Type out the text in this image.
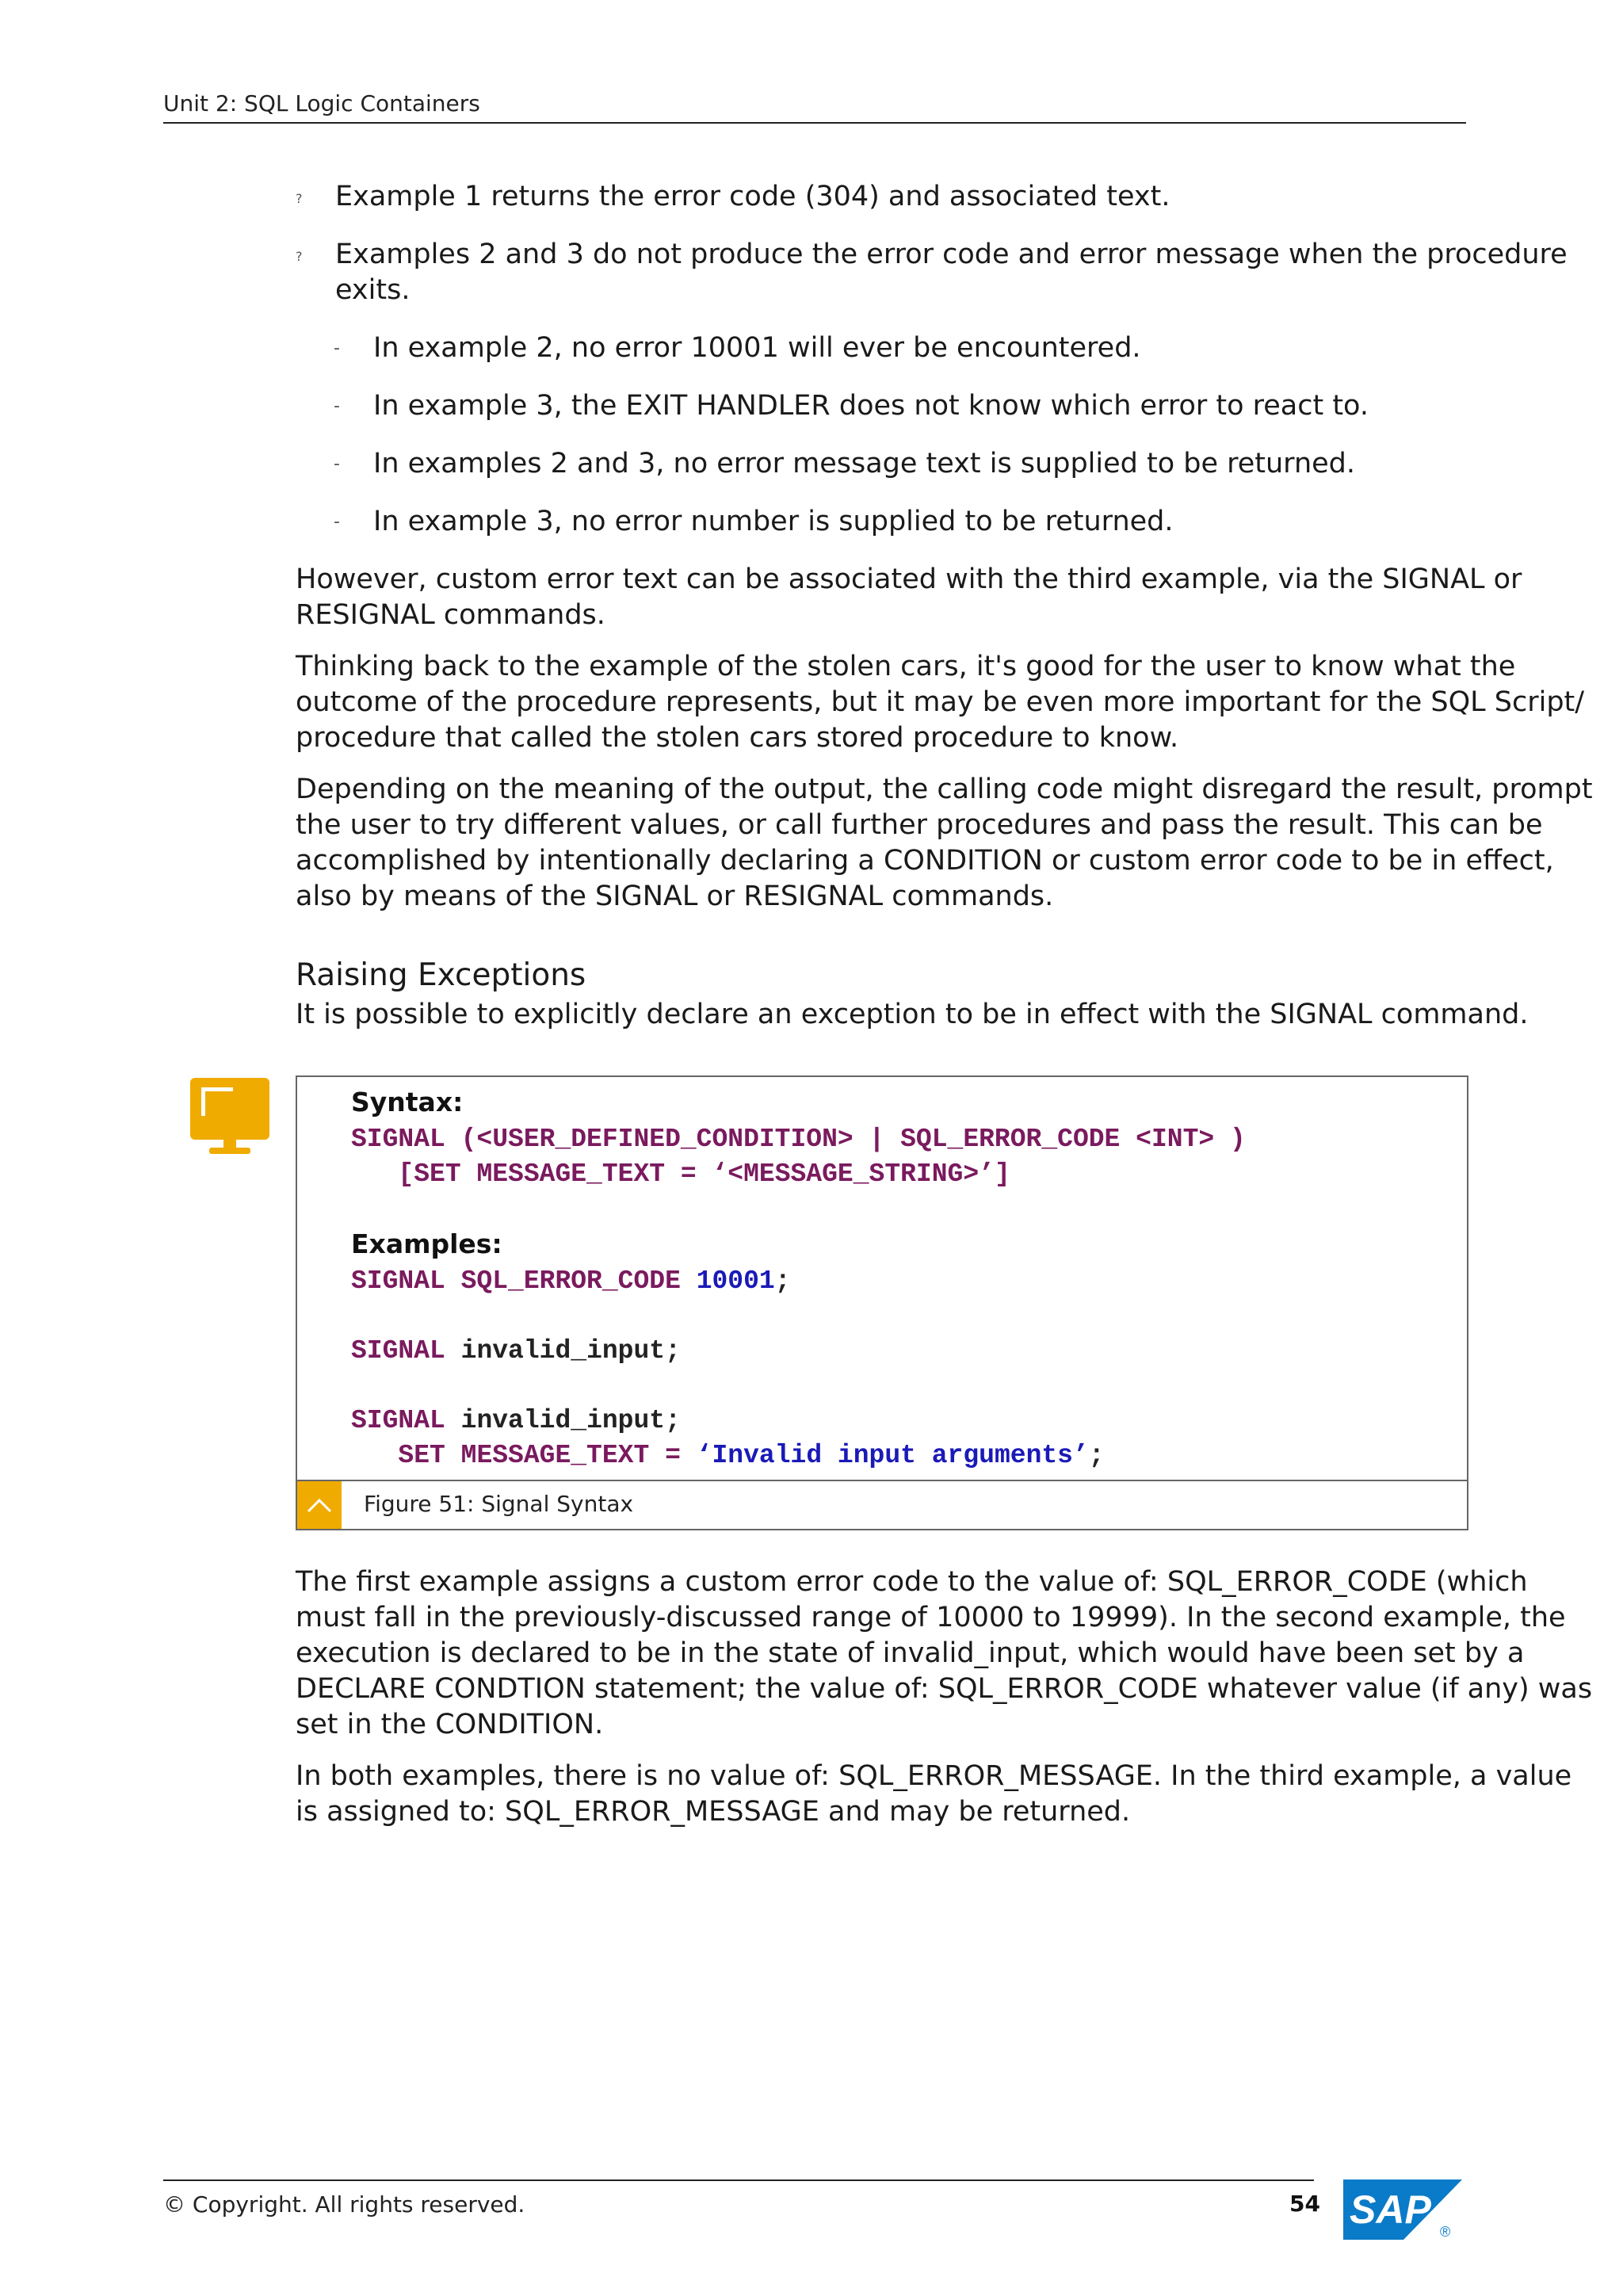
Unit 2: SQL Logic Containers
? Example 1 returns the error code (304) and associated text.
? Examples 2 and 3 do not produce the error code and error message when the procedure exits.
- In example 2, no error 10001 will ever be encountered.
- In example 3, the EXIT HANDLER does not know which error to react to.
- In examples 2 and 3, no error message text is supplied to be returned.
- In example 3, no error number is supplied to be returned.

However, custom error text can be associated with the third example, via the SIGNAL or RESIGNAL commands.

Thinking back to the example of the stolen cars, it's good for the user to know what the outcome of the procedure represents, but it may be even more important for the SQL Script/ procedure that called the stolen cars stored procedure to know.

Depending on the meaning of the output, the calling code might disregard the result, prompt the user to try different values, or call further procedures and pass the result. This can be accomplished by intentionally declaring a CONDITION or custom error code to be in effect, also by means of the SIGNAL or RESIGNAL commands.

Raising Exceptions

It is possible to explicitly declare an exception to be in effect with the SIGNAL command.

Syntax:
SIGNAL (<USER_DEFINED_CONDITION> | SQL_ERROR_CODE <INT> )
[SET MESSAGE_TEXT = ‘<MESSAGE_STRING>’]

Examples:
SIGNAL SQL_ERROR_CODE 10001;

SIGNAL invalid_input;

SIGNAL invalid_input;
SET MESSAGE_TEXT = ‘Invalid input arguments’;
Figure 51: Signal Syntax

The first example assigns a custom error code to the value of: SQL_ERROR_CODE (which must fall in the previously-discussed range of 10000 to 19999). In the second example, the execution is declared to be in the state of invalid_input, which would have been set by a DECLARE CONDTION statement; the value of: SQL_ERROR_CODE whatever value (if any) was set in the CONDITION.

In both examples, there is no value of: SQL_ERROR_MESSAGE. In the third example, a value is assigned to: SQL_ERROR_MESSAGE and may be returned.

© Copyright. All rights reserved.	54 SAP ®
